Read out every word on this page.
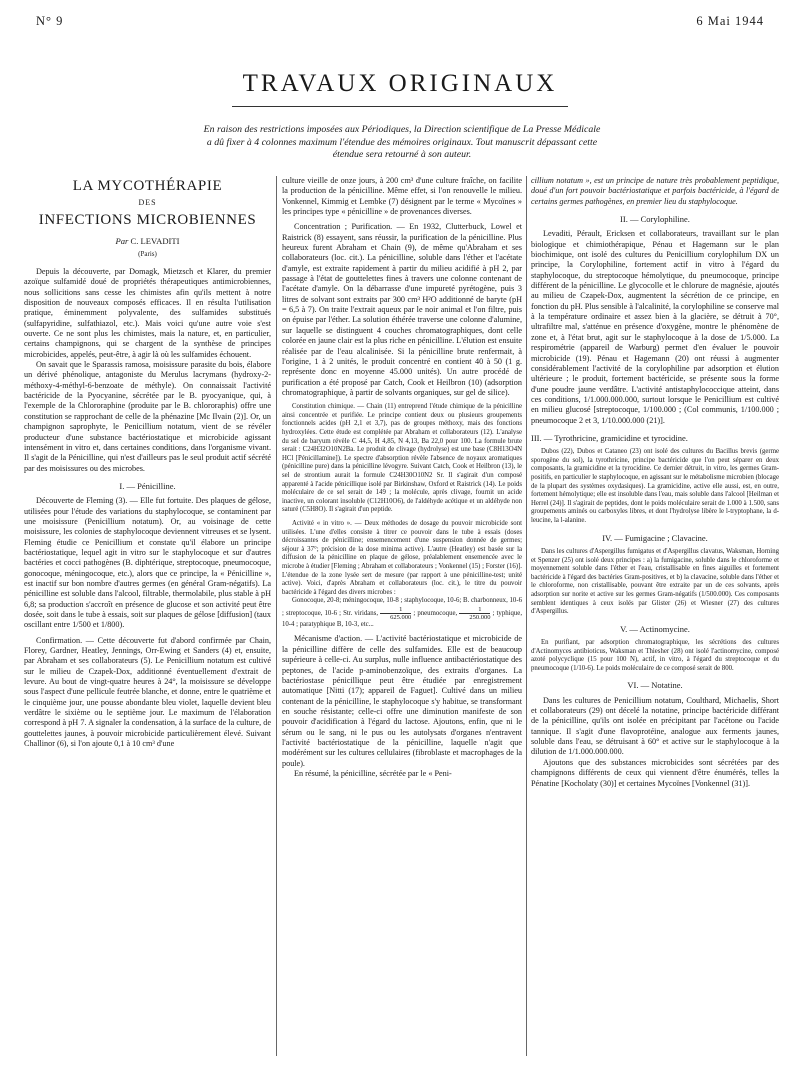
N° 9	6 Mai 1944
TRAVAUX ORIGINAUX
En raison des restrictions imposées aux Périodiques, la Direction scientifique de La Presse Médicale a dû fixer à 4 colonnes maximum l'étendue des mémoires originaux. Tout manuscrit dépassant cette étendue sera retourné à son auteur.
LA MYCOTHÉRAPIE
DES
INFECTIONS MICROBIENNES
Par C. LEVADITI
(Paris)

Depuis la découverte, par Domagk, Mietzsch et Klarer, du premier azoïque sulfamidé doué de propriétés thérapeutiques antimicrobiennes, nous sollicitions sans cesse les chimistes afin qu'ils mettent à notre disposition de nouveaux composés efficaces. Il en résulta l'utilisation pratique, éminemment polyvalente, des sulfamides substitués (sulfapyridine, sulfathiazol, etc.). Mais voici qu'une autre voie s'est ouverte. Ce ne sont plus les chimistes, mais la nature, et, en particulier, certains champignons, qui se chargent de la synthèse de principes microbicides, appelés, peut-être, à agir là où les sulfamides échouent.

On savait que le Sparassis ramosa, moisissure parasite du bois, élabore un dérivé phénolique, antagoniste du Merulus lacrymans (hydroxy-2-méthoxy-4-méthyl-6-benzoate de méthyle). On connaissait l'activité bactéricide de la Pyocyanine, sécrétée par le B. pyocyanique, qui, à l'exemple de la Chlororaphine (produite par le B. chlororaphis) offre une constitution se rapprochant de celle de la phénazine [Mc Ilvain (2)]. Or, un champignon saprophyte, le Penicillium notatum, vient de se révéler producteur d'une substance bactériostatique et microbicide agissant intensément in vitro et, dans certaines conditions, dans l'organisme vivant. Il s'agit de la Pénicilline, qui n'est d'ailleurs pas le seul produit actif sécrété par des moisissures ou des microbes.

I. — Pénicilline.

Découverte de Fleming (3). — Elle fut fortuite. Des plaques de gélose, utilisées pour l'étude des variations du staphylocoque, se contaminent par une moisissure (Penicillium notatum). Or, au voisinage de cette moisissure, les colonies de staphylocoque deviennent vitreuses et se lysent. Fleming étudie ce Penicillium et constate qu'il élabore un principe bactériostatique, lequel agit in vitro sur le staphylocoque et sur d'autres bactéries et cocci pathogènes (B. diphtérique, streptocoque, pneumocoque, gonocoque, méningocoque, etc.), alors que ce principe, la « Pénicilline », est inactif sur bon nombre d'autres germes (en général Gram-négatifs). La pénicilline est soluble dans l'alcool, filtrable, thermolabile, plus stable à pH 6,8; sa production s'accroît en présence de glucose et son activité peut être dosée, soit dans le tube à essais, soit sur plaques de gélose [diffusion] (taux oscillant entre 1/500 et 1/800).

Confirmation. — Cette découverte fut d'abord confirmée par Chain, Florey, Gardner, Heatley, Jennings, Orr-Ewing et Sanders (4) et, ensuite, par Abraham et ses collaborateurs (5). Le Penicillium notatum est cultivé sur le milieu de Czapek-Dox, additionné éventuellement d'extrait de levure. Au bout de vingt-quatre heures à 24°, la moisissure se développe sous l'aspect d'une pellicule feutrée blanche, et donne, entre le quatrième et le cinquième jour, une pousse abondante bleu violet, laquelle devient bleu verdâtre le sixième ou le septième jour. Le maximum de l'élaboration correspond à pH 7. A signaler la condensation, à la surface de la culture, de gouttelettes jaunes, à pouvoir microbicide particulièrement élevé. Suivant Challinor (6), si l'on ajoute 0,1 à 10 cm³ d'une

culture vieille de onze jours, à 200 cm³ d'une culture fraîche, on facilite la production de la pénicilline. Même effet, si l'on renouvelle le milieu. Vonkennel, Kimmig et Lembke (7) désignent par le terme « Mycoïnes » les principes type « pénicilline » de provenances diverses.

Concentration ; Purification. — En 1932, Clutterbuck, Lowel et Raistrick (8) essayent, sans réussir, la purification de la pénicilline. Plus heureux furent Abraham et Chain (9), de même qu'Abraham et ses collaborateurs (loc. cit.). La pénicilline, soluble dans l'éther et l'acétate d'amyle, est extraite rapidement à partir du milieu acidifié à pH 2, par passage à l'état de gouttelettes fines à travers une colonne contenant de l'acétate d'amyle. On la débarrasse d'une impureté pyrétogène, puis 3 litres de solvant sont extraits par 300 cm³ H²O additionné de baryte (pH = 6,5 à 7). On traite l'extrait aqueux par le noir animal et l'on filtre, puis on épuise par l'éther. La solution éthérée traverse une colonne d'alumine, sur laquelle se distinguent 4 couches chromatographiques, dont celle colorée en jaune clair est la plus riche en pénicilline. L'élution est ensuite réalisée par de l'eau alcalinisée. Si la pénicilline brute renfermait, à l'origine, 1 à 2 unités, le produit concentré en contient 40 à 50 (1 g. représente donc en moyenne 45.000 unités). Un autre procédé de purification a été proposé par Catch, Cook et Heilbron (10) (adsorption chromatographique, à partir de solvants organiques, sur gel de silice).

Constitution chimique. — Chain (11) entreprend l'étude chimique de la pénicilline ainsi concentrée et purifiée. Le principe contient deux ou plusieurs groupements fonctionnels acides (pH 2,1 et 3,7), pas de groupes méthoxy, mais des fonctions hydroxylées. Cette étude est complétée par Abraham et collaborateurs (12). L'analyse du sel de baryum révèle C 44,5, H 4,85, N 4,13, Ba 22,0 pour 100. La formule brute serait : C24H32O10N2Ba. Le produit de clivage (hydrolyse) est une base (C8H13O4N HCl [Pénicillamine]). Le spectre d'absorption révèle l'absence de noyaux aromatiques (pénicilline pure) dans la pénicilline lévogyre. Suivant Catch, Cook et Heilbron (13), le sel de strontium aurait la formule C24H30O10N2 Sr. Il s'agirait d'un composé apparenté à l'acide pénicillique isolé par Birkinshaw, Oxford et Raistrick (14). Le poids moléculaire de ce sel serait de 149 ; la molécule, après clivage, fournit un acide inactive, un colorant insoluble (C12H10O6), de l'aldéhyde acétique et un aldéhyde non saturé (C5H8O). Il s'agirait d'un peptide.

Activité « in vitro ». — Deux méthodes de dosage du pouvoir microbicide sont utilisées. L'une d'elles consiste à titrer ce pouvoir dans le tube à essais (doses décroissantes de pénicilline; ensemencement d'une suspension donnée de germes; séjour à 37°; précision de la dose minima active). L'autre (Heatley) est basée sur la diffusion de la pénicilline en plaque de gélose, préalablement ensemencée avec le microbe à étudier [Fleming ; Abraham et collaborateurs ; Vonkennel (15) ; Forster (16)]. L'étendue de la zone lysée sert de mesure (par rapport à une pénicilline-test; unité active). Voici, d'après Abraham et collaborateurs (loc. cit.), le titre du pouvoir bactéricide à l'égard des divers microbes :

Gonocoque, 20-8; méningocoque, 10-8 ; staphylocoque, 10-6; B. charbonneux, 10-6 ; streptocoque, 10-6 ; Str. viridans, $\frac{1}{625.000}$ ; pneumocoque, $\frac{1}{250.000}$ ; typhique, 10-4 ; paratyphique B, 10-3, etc...

Mécanisme d'action. — L'activité bactériostatique et microbicide de la pénicilline diffère de celle des sulfamides. Elle est de beaucoup supérieure à celle-ci. Au surplus, nulle influence antibactériostatique des peptones, de l'acide p-aminobenzoïque, des extraits d'organes. La bactériostase pénicillique peut être étudiée par enregistrement automatique [Nitti (17); appareil de Faguet]. Cultivé dans un milieu contenant de la pénicilline, le staphylocoque s'y habitue, se transformant en souche résistante; celle-ci offre une diminution manifeste de son pouvoir d'acidification à l'égard du lactose. Ajoutons, enfin, que ni le sérum ou le sang, ni le pus ou les autolysats d'organes n'entravent l'activité bactériostatique de la pénicilline, laquelle n'agit que modérément sur les cultures cellulaires (fibroblaste et macrophages de la poule).

En résumé, la pénicilline, sécrétée par le « Peni-

cillium notatum », est un principe de nature très probablement peptidique, doué d'un fort pouvoir bactériostatique et parfois bactéricide, à l'égard de certains germes pathogènes, en premier lieu du staphylocoque.

II. — Corylophiline.

Levaditi, Pérault, Ericksen et collaborateurs, travaillant sur le plan biologique et chimiothérapique, Pénau et Hagemann sur le plan biochimique, ont isolé des cultures du Penicillium corylophilum DX un principe, la Corylophiline, fortement actif in vitro à l'égard du staphylocoque, du streptocoque hémolytique, du pneumocoque, principe différent de la pénicilline. Le glycocolle et le chlorure de magnésie, ajoutés au milieu de Czapek-Dox, augmentent la sécrétion de ce principe, en fonction du pH. Plus sensible à l'alcalinité, la corylophiline se conserve mal à la température ordinaire et assez bien à la glacière, se détruit à 70°, ultrafiltre mal, s'atténue en présence d'oxygène, montre le phénomène de zone et, à l'état brut, agit sur le staphylocoque à la dose de 1/5.000. La respirométrie (appareil de Warburg) permet d'en évaluer le pouvoir microbicide (19). Pénau et Hagemann (20) ont réussi à augmenter considérablement l'activité de la corylophiline par adsorption et élution ultérieure ; le produit, fortement bactéricide, se présente sous la forme d'une poudre jaune verdâtre. L'activité antistaphylococcique atteint, dans ces conditions, 1/1.000.000.000, surtout lorsque le Penicillium est cultivé en milieu glucosé [streptocoque, 1/100.000 ; (Col communis, 1/100.000 ; pneumocoque 2 et 3, 1/10.000.000 (21)].

III. — Tyrothricine, gramicidine et tyrocidine.

Dubos (22), Dubos et Cataneo (23) ont isolé des cultures du Bacillus brevis (germe sporogène du sol), la tyrothricine, principe bactéricide que l'on peut séparer en deux composants, la gramicidine et la tyrocidine. Ce dernier détruit, in vitro, les germes Gram-positifs, en particulier le staphylocoque, en agissant sur le métabolisme microbien (blocage de la plupart des systèmes oxydasiques). La gramicidine, active elle aussi, est, en outre, fortement hémolytique; elle est insoluble dans l'eau, mais soluble dans l'alcool [Heilman et Herrel (24)]. Il s'agirait de peptides, dont le poids moléculaire serait de 1.000 à 1.500, sans groupements aminés ou carboxyles libres, et dont l'hydrolyse libère le l-tryptophane, la d-leucine, la l-alanine.

IV. — Fumigacine ; Clavacine.

Dans les cultures d'Aspergillus fumigatus et d'Aspergillus clavatus, Waksman, Horning et Spenzer (25) ont isolé deux principes : a) la fumigacine, soluble dans le chloroforme et moyennement soluble dans l'éther et l'eau, cristallisable en fines aiguilles et fortement bactéricide à l'égard des bactéries Gram-positives, et b) la clavacine, soluble dans l'éther et le chloroforme, non cristallisable, pouvant être extraite par un de ces solvants, après adsorption sur norite et active sur les germes Gram-négatifs (1/500.000). Ces composants semblent identiques à ceux isolés par Glister (26) et Wiesner (27) des cultures d'Aspergillus.

V. — Actinomycine.

En purifiant, par adsorption chromatographique, les sécrétions des cultures d'Actinomyces antibioticus, Waksman et Thiesher (28) ont isolé l'actinomycine, composé azoté polycyclique (15 pour 100 N), actif, in vitro, à l'égard du streptocoque et du pneumocoque (1/10-6). Le poids moléculaire de ce composé serait de 800.

VI. — Notatine.

Dans les cultures de Penicillium notatum, Coulthard, Michaelis, Short et collaborateurs (29) ont décelé la notatine, principe bactéricide différant de la pénicilline, qu'ils ont isolée en précipitant par l'acétone ou l'acide tannique. Il s'agit d'une flavoprotéine, analogue aux ferments jaunes, soluble dans l'eau, se détruisant à 60° et active sur le staphylocoque à la dilution de 1/1.000.000.000.

Ajoutons que des substances microbicides sont sécrétées par des champignons différents de ceux qui viennent d'être énumérés, telles la Pénatine [Kocholaty (30)] et certaines Mycoïnes [Vonkennel (31)].
